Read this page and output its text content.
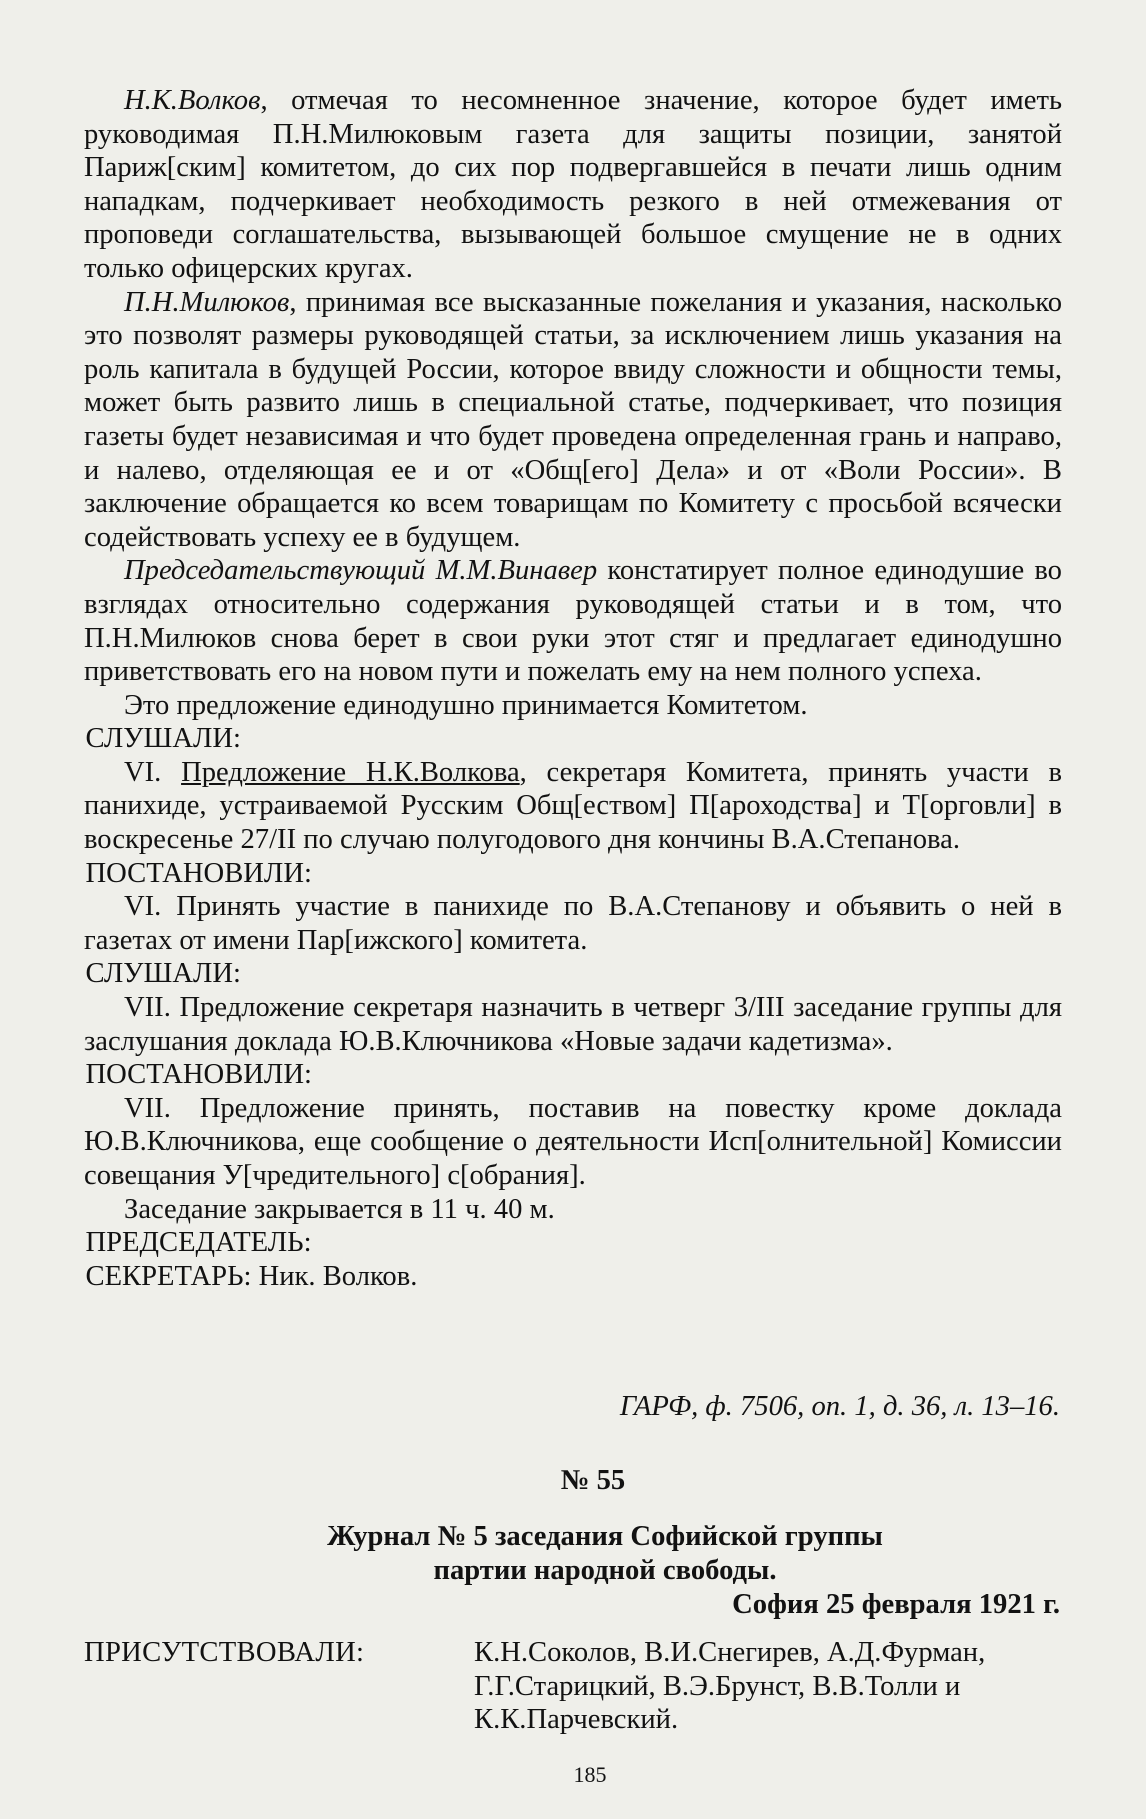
Н.К.Волков, отмечая то несомненное значение, которое будет иметь руководимая П.Н.Милюковым газета для защиты позиции, занятой Париж[ским] комитетом, до сих пор подвергавшейся в печати лишь одним нападкам, подчеркивает необходимость резкого в ней отмежевания от проповеди соглашательства, вызывающей большое смущение не в одних только офицерских кругах.

П.Н.Милюков, принимая все высказанные пожелания и указания, насколько это позволят размеры руководящей статьи, за исключением лишь указания на роль капитала в будущей России, которое ввиду сложности и общности темы, может быть развито лишь в специальной статье, подчеркивает, что позиция газеты будет независимая и что будет проведена определенная грань и направо, и налево, отделяющая ее и от «Общ[его] Дела» и от «Воли России». В заключение обращается ко всем товарищам по Комитету с просьбой всячески содействовать успеху ее в будущем.

Председательствующий М.М.Винавер констатирует полное единодушие во взглядах относительно содержания руководящей статьи и в том, что П.Н.Милюков снова берет в свои руки этот стяг и предлагает единодушно приветствовать его на новом пути и пожелать ему на нем полного успеха.

Это предложение единодушно принимается Комитетом.

СЛУШАЛИ:

VI. Предложение Н.К.Волкова, секретаря Комитета, принять участи в панихиде, устраиваемой Русским Общ[еством] П[ароходства] и Т[орговли] в воскресенье 27/II по случаю полугодового дня кончины В.А.Степанова.

ПОСТАНОВИЛИ:

VI. Принять участие в панихиде по В.А.Степанову и объявить о ней в газетах от имени Пар[ижского] комитета.

СЛУШАЛИ:

VII. Предложение секретаря назначить в четверг 3/III заседание группы для заслушания доклада Ю.В.Ключникова «Новые задачи кадетизма».

ПОСТАНОВИЛИ:

VII. Предложение принять, поставив на повестку кроме доклада Ю.В.Ключникова, еще сообщение о деятельности Исп[олнительной] Комиссии совещания У[чредительного] с[обрания].

Заседание закрывается в 11 ч. 40 м.

ПРЕДСЕДАТЕЛЬ:

СЕКРЕТАРЬ: Ник. Волков.

ГАРФ, ф. 7506, оп. 1, д. 36, л. 13–16.
№ 55
Журнал № 5 заседания Софийской группы
партии народной свободы.
София 25 февраля 1921 г.
ПРИСУТСТВОВАЛИ:	К.Н.Соколов, В.И.Снегирев, А.Д.Фурман,
Г.Г.Старицкий, В.Э.Брунст, В.В.Толли и
К.К.Парчевский.
185
